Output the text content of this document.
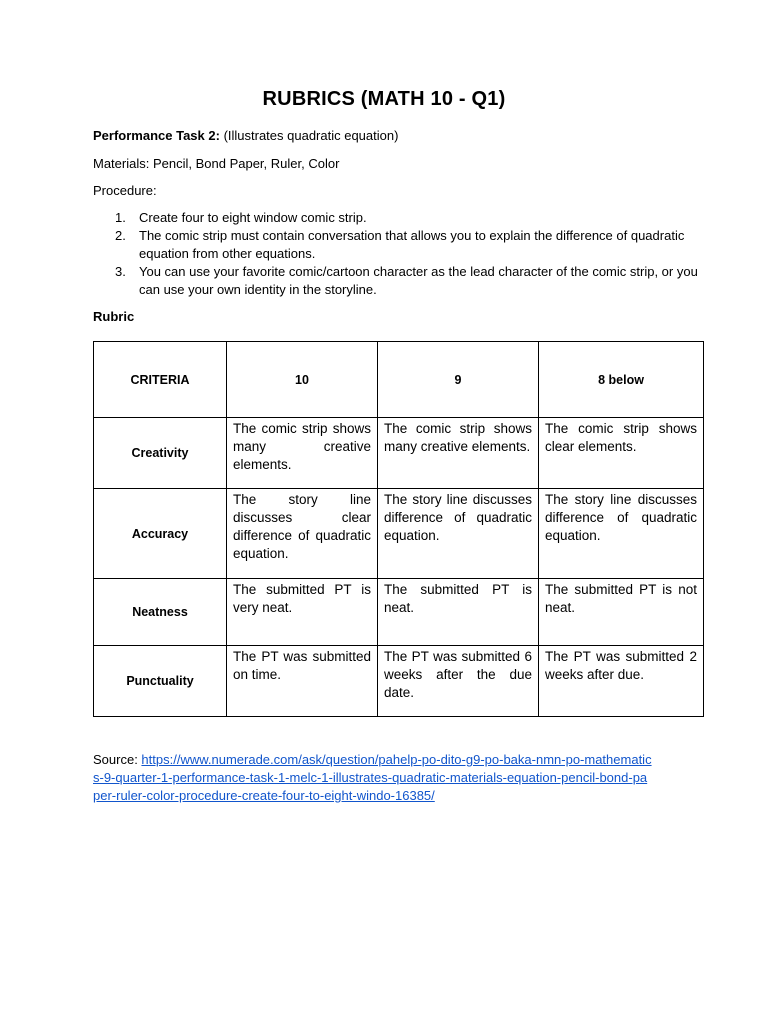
RUBRICS (MATH 10 - Q1)
Performance Task 2: (Illustrates quadratic equation)
Materials: Pencil, Bond Paper, Ruler, Color
Procedure:
1. Create four to eight window comic strip.
2. The comic strip must contain conversation that allows you to explain the difference of quadratic equation from other equations.
3. You can use your favorite comic/cartoon character as the lead character of the comic strip, or you can use your own identity in the storyline.
Rubric
CRITERIA	10	9	8 below
Creativity	The comic strip shows many creative elements.	The comic strip shows many creative elements.	The comic strip shows clear elements.
Accuracy	The story line discusses clear difference of quadratic equation.	The story line discusses difference of quadratic equation.	The story line discusses difference of quadratic equation.
Neatness	The submitted PT is very neat.	The submitted PT is neat.	The submitted PT is not neat.
Punctuality	The PT was submitted on time.	The PT was submitted 6 weeks after the due date.	The PT was submitted 2 weeks after due.
Source: https://www.numerade.com/ask/question/pahelp-po-dito-g9-po-baka-nmn-po-mathematics-9-quarter-1-performance-task-1-melc-1-illustrates-quadratic-materials-equation-pencil-bond-paper-ruler-color-procedure-create-four-to-eight-windo-16385/
